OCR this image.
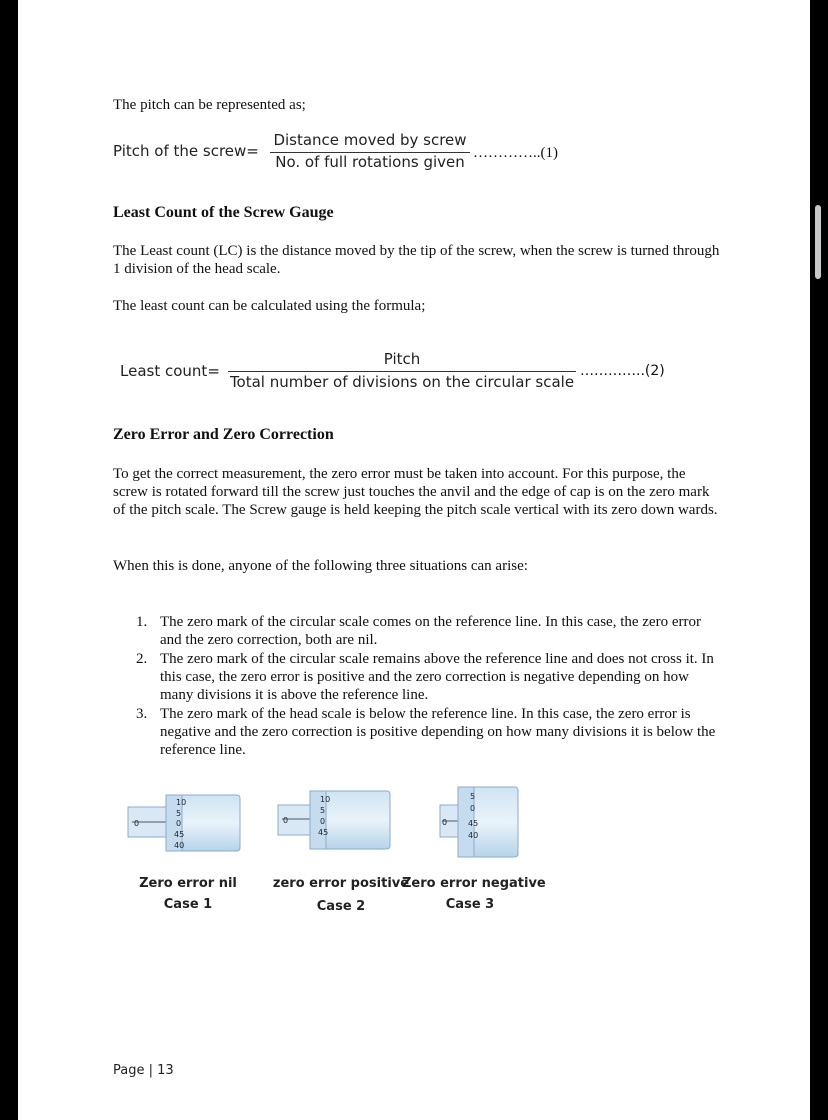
The pitch can be represented as;
Pitch of the screw=
Distance moved by screw
No. of full rotations given …………..(1)
Least Count of the Screw Gauge
The Least count (LC) is the distance moved by the tip of the screw, when the screw is turned through 1 division of the head scale.
The least count can be calculated using the formula;
Least count=
Pitch
Total number of divisions on the circular scale
…………..(2)
Zero Error and Zero Correction
To get the correct measurement, the zero error must be taken into account. For this purpose, the screw is rotated forward till the screw just touches the anvil and the edge of cap is on the zero mark of the pitch scale. The Screw gauge is held keeping the pitch scale vertical with its zero down wards.
When this is done, anyone of the following three situations can arise:
1. The zero mark of the circular scale comes on the reference line. In this case, the zero error and the zero correction, both are nil.
2. The zero mark of the circular scale remains above the reference line and does not cross it. In this case, the zero error is positive and the zero correction is negative depending on how many divisions it is above the reference line.
3. The zero mark of the head scale is below the reference line. In this case, the zero error is negative and the zero correction is positive depending on how many divisions it is below the reference line.
0
10
5
0
45
40
0
10
5
0
45
0
5
0
45
40
Zero error nil
Case 1
zero error positive
Case 2
Zero error negative
Case 3
Page | 13
